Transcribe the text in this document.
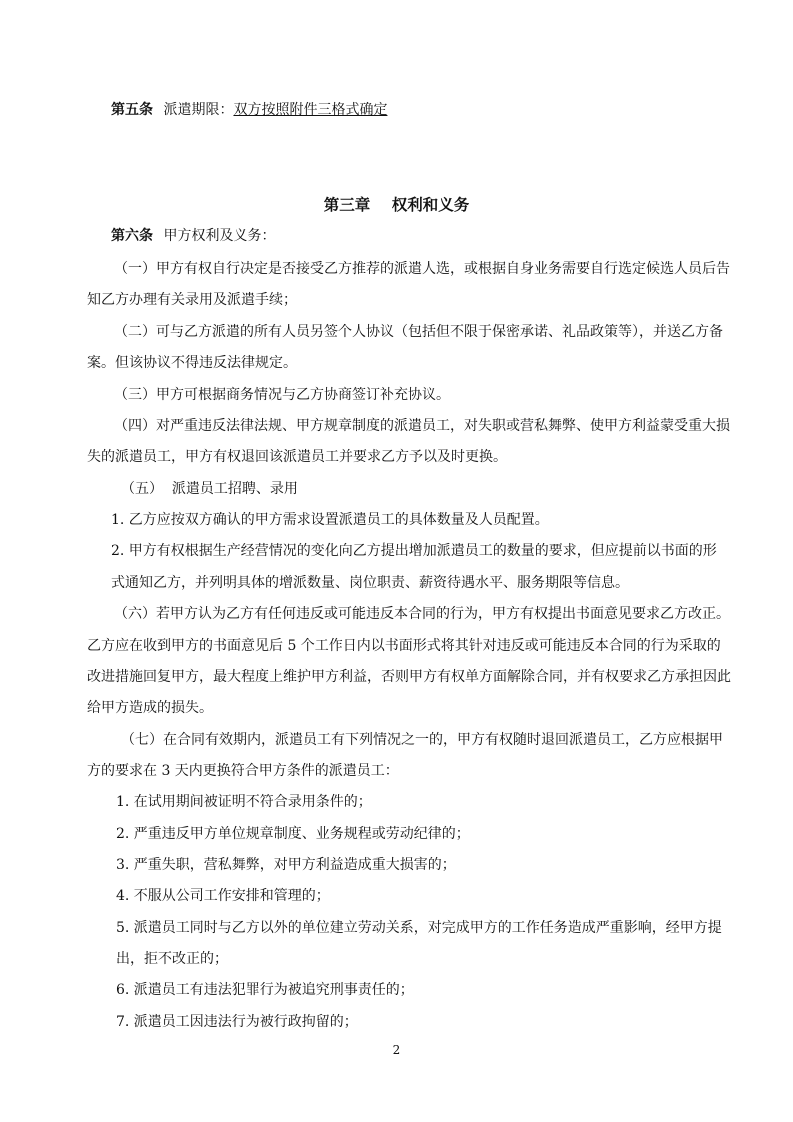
第五条 派遣期限：双方按照附件三格式确定
第三章    权利和义务
第六条 甲方权利及义务：
（一）甲方有权自行决定是否接受乙方推荐的派遣人选，或根据自身业务需要自行选定候选人员后告
知乙方办理有关录用及派遣手续；
（二）可与乙方派遣的所有人员另签个人协议（包括但不限于保密承诺、礼品政策等），并送乙方备
案。但该协议不得违反法律规定。
（三）甲方可根据商务情况与乙方协商签订补充协议。
（四）对严重违反法律法规、甲方规章制度的派遣员工，对失职或营私舞弊、使甲方利益蒙受重大损
失的派遣员工，甲方有权退回该派遣员工并要求乙方予以及时更换。
（五）  派遣员工招聘、录用
1. 乙方应按双方确认的甲方需求设置派遣员工的具体数量及人员配置。
2. 甲方有权根据生产经营情况的变化向乙方提出增加派遣员工的数量的要求，但应提前以书面的形
式通知乙方，并列明具体的增派数量、岗位职责、薪资待遇水平、服务期限等信息。
（六）若甲方认为乙方有任何违反或可能违反本合同的行为，甲方有权提出书面意见要求乙方改正。
乙方应在收到甲方的书面意见后 5 个工作日内以书面形式将其针对违反或可能违反本合同的行为采取的
改进措施回复甲方，最大程度上维护甲方利益，否则甲方有权单方面解除合同，并有权要求乙方承担因此
给甲方造成的损失。
（七）在合同有效期内，派遣员工有下列情况之一的，甲方有权随时退回派遣员工，乙方应根据甲
方的要求在 3 天内更换符合甲方条件的派遣员工：
1. 在试用期间被证明不符合录用条件的；
2. 严重违反甲方单位规章制度、业务规程或劳动纪律的；
3. 严重失职，营私舞弊，对甲方利益造成重大损害的；
4. 不服从公司工作安排和管理的；
5. 派遣员工同时与乙方以外的单位建立劳动关系，对完成甲方的工作任务造成严重影响，经甲方提
出，拒不改正的；
6. 派遣员工有违法犯罪行为被追究刑事责任的；
7. 派遣员工因违法行为被行政拘留的；
2
